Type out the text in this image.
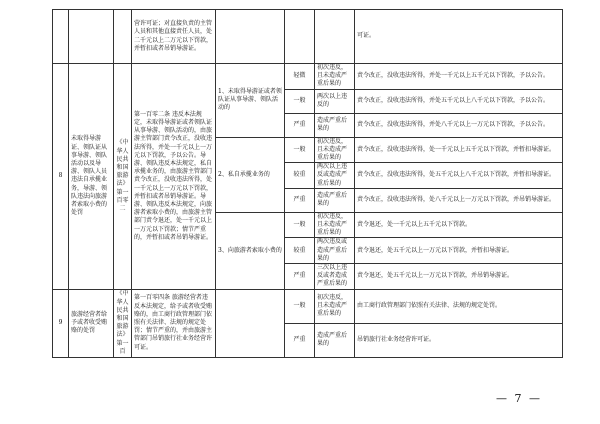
			营许可证；对直接负责的主管人员和其他直接责任人员，处二千元以上二万元以下罚款，并暂扣或者吊销导游证。				可证。
8	未取得导游证、领队证从事导游、领队活动以及导游、领队人员违法自承揽业务，导游、领队违法向旅游者索取小费的处罚	《中华人民共和国旅游法》第一百零二	第一百零二条 违反本法规定，未取得导游证或者领队证从事导游、领队活动的，由旅游主管部门责令改正，没收违法所得，并处一千元以上一万元以下罚款，予以公告。导游、领队违反本法规定，私自承揽业务的，由旅游主管部门责令改正，没收违法所得，处一千元以上一万元以下罚款，并暂扣或者吊销导游证。导游、领队违反本法规定，向旅游者索取小费的，由旅游主管部门责令退还，处一千元以上一万元以下罚款；情节严重的，并暂扣或者吊销导游证。	1、未取得导游证或者领队证从事导游、领队活动的	轻微	初次违反，且未造成严重后果的	责令改正，没收违法所得，并处一千元以上五千元以下罚款，予以公告。
					一般	两次以上违反的	责令改正，没收违法所得，并处五千元以上八千元以下罚款，予以公告。
					严重	造成严重后果的	责令改正，没收违法所得，并处八千元以上一万元以下罚款，予以公告。
				2、私自承揽业务的	一般	初次违反，且未造成严重后果的	责令改正，没收违法所得，处一千元以上五千元以下罚款，并暂扣导游证。
					较重	两次以上违反或造成严重后果的	责令改正，没收违法所得，处五千元以上八千元以下罚款，并暂扣导游证。
					严重	造成严重后果的	责令改正，没收违法所得，处八千元以上一万元以下罚款，并吊销导游证。
				3、向旅游者索取小费的	一般	初次违反，且未造成严重后果的	责令退还，处一千元以上五千元以下罚款。
					较重	两次违反或造成严重后果的	责令退还，处五千元以上一万元以下罚款，并暂扣导游证。
					严重	三次以上违反或者造成严重后果的	责令退还，处五千元以上一万元以下罚款，并吊销导游证。
9	旅游经营者给予或者收受贿赂的处罚	《中华人民共和国旅游法》第一百	第一百零四条 旅游经营者违反本法规定，给予或者收受贿赂的，由工商行政管理部门依照有关法律、法规的规定处罚；情节严重的，并由旅游主管部门吊销旅行社业务经营许可证。		一般	初次违反，且未造成严重后果的	由工商行政管理部门依照有关法律、法规的规定处罚。
					严重	造成严重后果的	吊销旅行社业务经营许可证。
— 7 —
